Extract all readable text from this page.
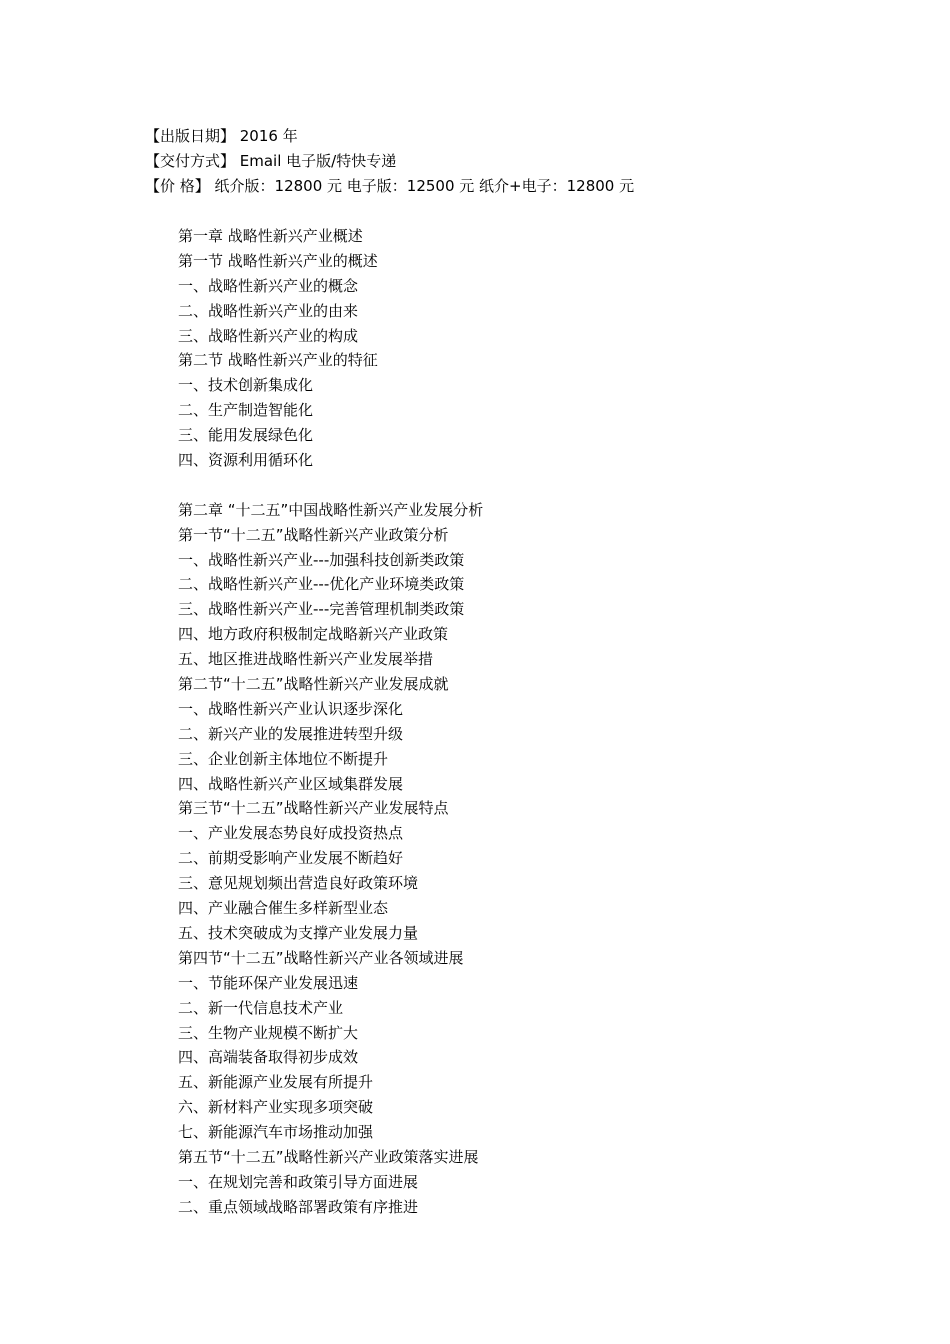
【出版日期】 2016 年
【交付方式】 Email 电子版/特快专递
【价 格】 纸介版：12800 元 电子版：12500 元 纸介+电子：12800 元
第一章 战略性新兴产业概述
第一节 战略性新兴产业的概述
一、战略性新兴产业的概念
二、战略性新兴产业的由来
三、战略性新兴产业的构成
第二节 战略性新兴产业的特征
一、技术创新集成化
二、生产制造智能化
三、能用发展绿色化
四、资源利用循环化
第二章 “十二五”中国战略性新兴产业发展分析
第一节“十二五”战略性新兴产业政策分析
一、战略性新兴产业---加强科技创新类政策
二、战略性新兴产业---优化产业环境类政策
三、战略性新兴产业---完善管理机制类政策
四、地方政府积极制定战略新兴产业政策
五、地区推进战略性新兴产业发展举措
第二节“十二五”战略性新兴产业发展成就
一、战略性新兴产业认识逐步深化
二、新兴产业的发展推进转型升级
三、企业创新主体地位不断提升
四、战略性新兴产业区域集群发展
第三节“十二五”战略性新兴产业发展特点
一、产业发展态势良好成投资热点
二、前期受影响产业发展不断趋好
三、意见规划频出营造良好政策环境
四、产业融合催生多样新型业态
五、技术突破成为支撑产业发展力量
第四节“十二五”战略性新兴产业各领域进展
一、节能环保产业发展迅速
二、新一代信息技术产业
三、生物产业规模不断扩大
四、高端装备取得初步成效
五、新能源产业发展有所提升
六、新材料产业实现多项突破
七、新能源汽车市场推动加强
第五节“十二五”战略性新兴产业政策落实进展
一、在规划完善和政策引导方面进展
二、重点领域战略部署政策有序推进
